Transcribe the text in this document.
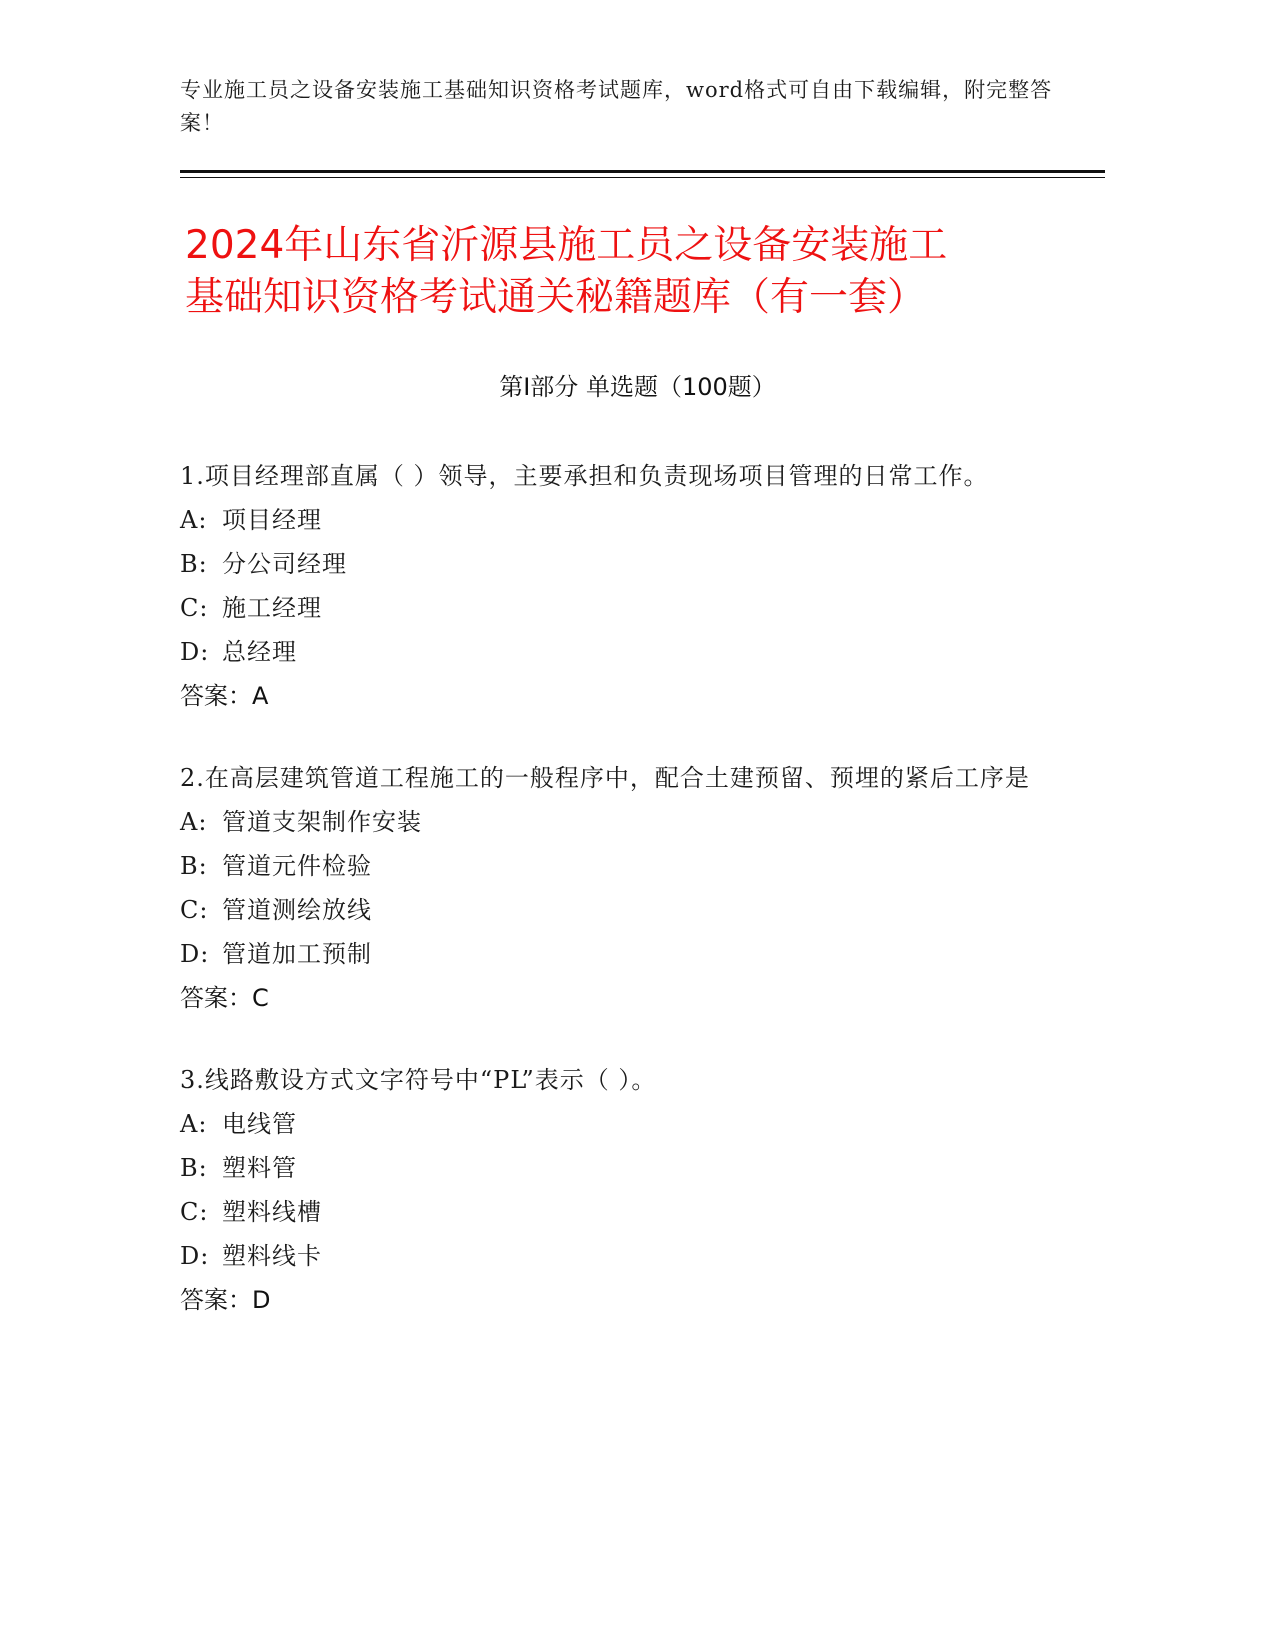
专业施工员之设备安装施工基础知识资格考试题库，word格式可自由下载编辑，附完整答案！
2024年山东省沂源县施工员之设备安装施工
基础知识资格考试通关秘籍题库（有一套）
第Ⅰ部分 单选题（100题）
1.项目经理部直属（ ）领导，主要承担和负责现场项目管理的日常工作。
A: 项目经理
B: 分公司经理
C: 施工经理
D: 总经理
答案：A
2.在高层建筑管道工程施工的一般程序中，配合土建预留、预埋的紧后工序是
A: 管道支架制作安装
B: 管道元件检验
C: 管道测绘放线
D: 管道加工预制
答案：C
3.线路敷设方式文字符号中“PL”表示（ ）。
A: 电线管
B: 塑料管
C: 塑料线槽
D: 塑料线卡
答案：D
